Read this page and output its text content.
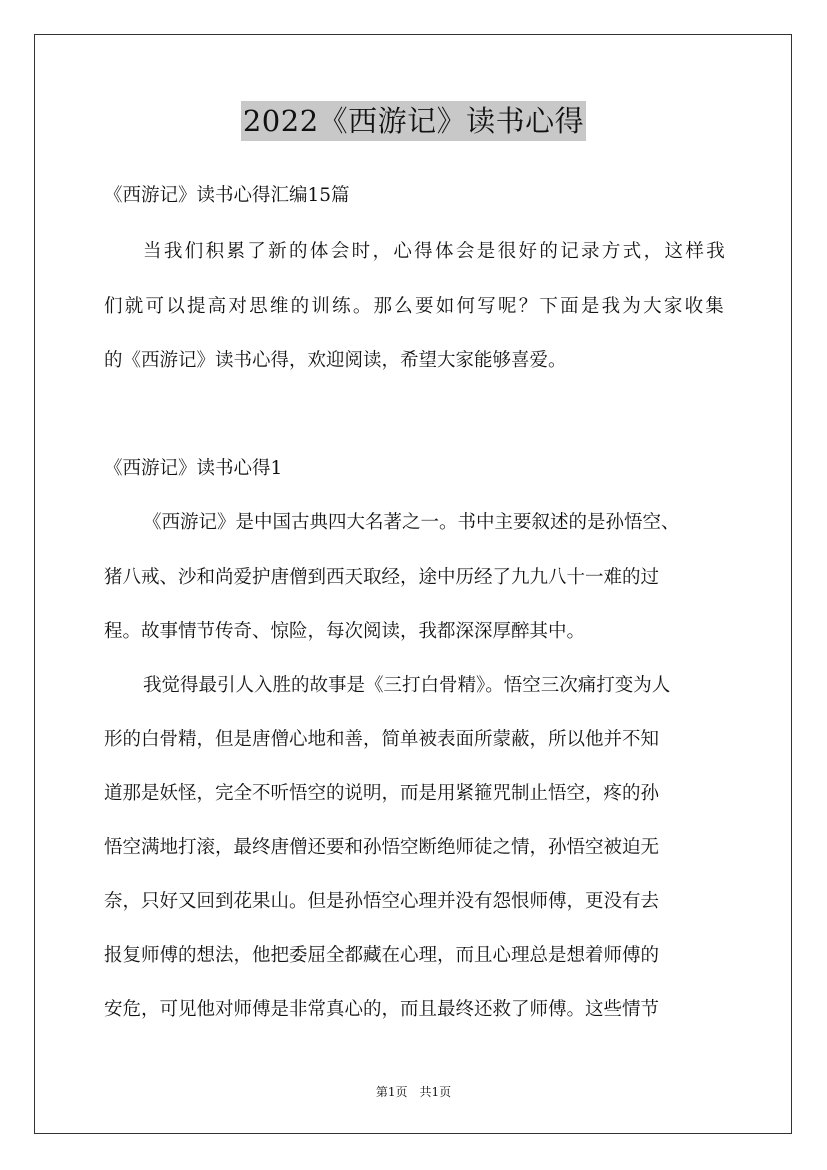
2022《西游记》读书心得
《西游记》读书心得汇编15篇
当 我 们 积 累 了 新 的 体 会 时 ， 心 得 体 会 是 很 好 的 记 录 方 式 ， 这 样 我
们 就 可 以 提 高 对 思 维 的 训 练 。 那 么 要 如 何 写 呢 ？ 下 面 是 我 为 大 家 收 集
的《西游记》读书心得，欢迎阅读，希望大家能够喜爱。
《西游记》读书心得1
《西游记》是中国古典四大名著之一。书中主要叙述的是孙悟空、
猪八戒、沙和尚爱护唐僧到西天取经，途中历经了九九八十一难的过
程。故事情节传奇、惊险，每次阅读，我都深深厚醉其中。
我觉得最引人入胜的故事是《三打白骨精》。悟空三次痛打变为人
形的白骨精，但是唐僧心地和善，简单被表面所蒙蔽，所以他并不知
道那是妖怪，完全不听悟空的说明，而是用紧箍咒制止悟空，疼的孙
悟空满地打滚，最终唐僧还要和孙悟空断绝师徒之情，孙悟空被迫无
奈，只好又回到花果山。但是孙悟空心理并没有怨恨师傅，更没有去
报复师傅的想法，他把委屈全都藏在心理，而且心理总是想着师傅的
安危，可见他对师傅是非常真心的，而且最终还救了师傅。这些情节
第1页　共1页
